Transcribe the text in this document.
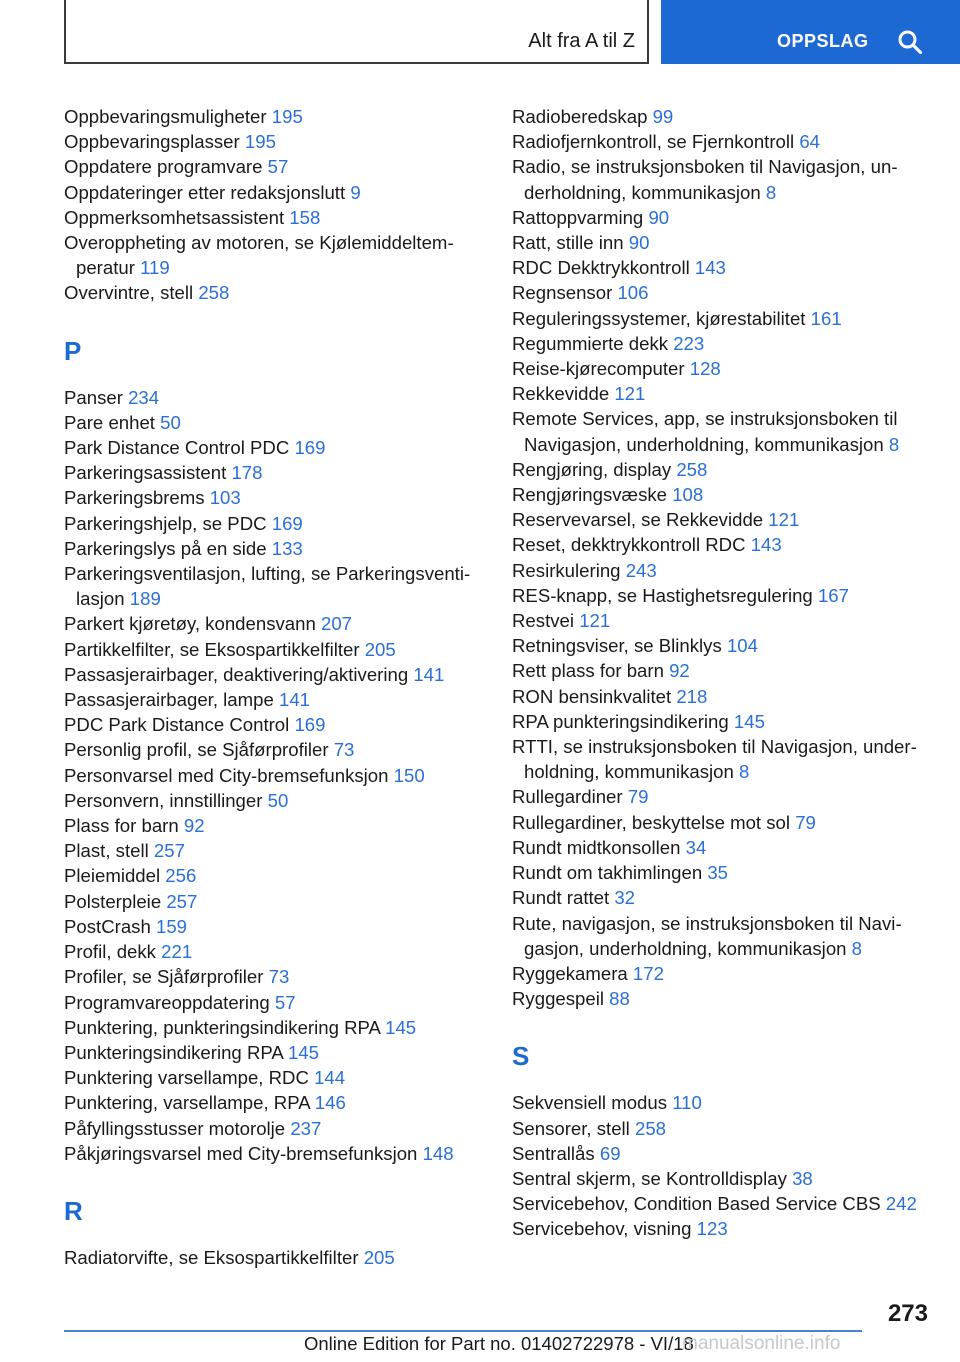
Alt fra A til Z	OPPSLAG
Oppbevaringsmuligheter 195
Oppbevaringsplasser 195
Oppdatere programvare 57
Oppdateringer etter redaksjonslutt 9
Oppmerksomhetsassistent 158
Overoppheting av motoren, se Kjølemiddeltemperatur 119
Overvintre, stell 258
P
Panser 234
Pare enhet 50
Park Distance Control PDC 169
Parkeringsassistent 178
Parkeringsbrems 103
Parkeringshjelp, se PDC 169
Parkeringslys på en side 133
Parkeringsventilasjon, lufting, se Parkeringsventilasjon 189
Parkert kjøretøy, kondensvann 207
Partikkelfilter, se Eksospartikkelfilter 205
Passasjerairbager, deaktivering/aktivering 141
Passasjerairbager, lampe 141
PDC Park Distance Control 169
Personlig profil, se Sjåførprofiler 73
Personvarsel med City-bremsefunksjon 150
Personvern, innstillinger 50
Plass for barn 92
Plast, stell 257
Pleiemiddel 256
Polsterpleie 257
PostCrash 159
Profil, dekk 221
Profiler, se Sjåførprofiler 73
Programvareoppdatering 57
Punktering, punkteringsindikering RPA 145
Punkteringsindikering RPA 145
Punktering varsellampe, RDC 144
Punktering, varsellampe, RPA 146
Påfyllingsstusser motorolje 237
Påkjøringsvarsel med City-bremsefunksjon 148
R
Radiatorvifte, se Eksospartikkelfilter 205
Radioberedskap 99
Radiofjernkontroll, se Fjernkontroll 64
Radio, se instruksjonsboken til Navigasjon, underholdning, kommunikasjon 8
Rattoppvarming 90
Ratt, stille inn 90
RDC Dekktrykkontroll 143
Regnsensor 106
Reguleringssystemer, kjørestabilitet 161
Regummierte dekk 223
Reise-kjørecomputer 128
Rekkevidde 121
Remote Services, app, se instruksjonsboken til Navigasjon, underholdning, kommunikasjon 8
Rengjøring, display 258
Rengjøringsvæske 108
Reservevarsel, se Rekkevidde 121
Reset, dekktrykkontroll RDC 143
Resirkulering 243
RES-knapp, se Hastighetsregulering 167
Restvei 121
Retningsviser, se Blinklys 104
Rett plass for barn 92
RON bensinkvalitet 218
RPA punkteringsindikering 145
RTTI, se instruksjonsboken til Navigasjon, underholdning, kommunikasjon 8
Rullegardiner 79
Rullegardiner, beskyttelse mot sol 79
Rundt midtkonsollen 34
Rundt om takhimlingen 35
Rundt rattet 32
Rute, navigasjon, se instruksjonsboken til Navigasjon, underholdning, kommunikasjon 8
Ryggekamera 172
Ryggespeil 88
S
Sekvensiell modus 110
Sensorer, stell 258
Sentrallås 69
Sentral skjerm, se Kontrolldisplay 38
Servicebehov, Condition Based Service CBS 242
Servicebehov, visning 123
273
Online Edition for Part no. 01402722978 - VI/18
manualsonline.info
